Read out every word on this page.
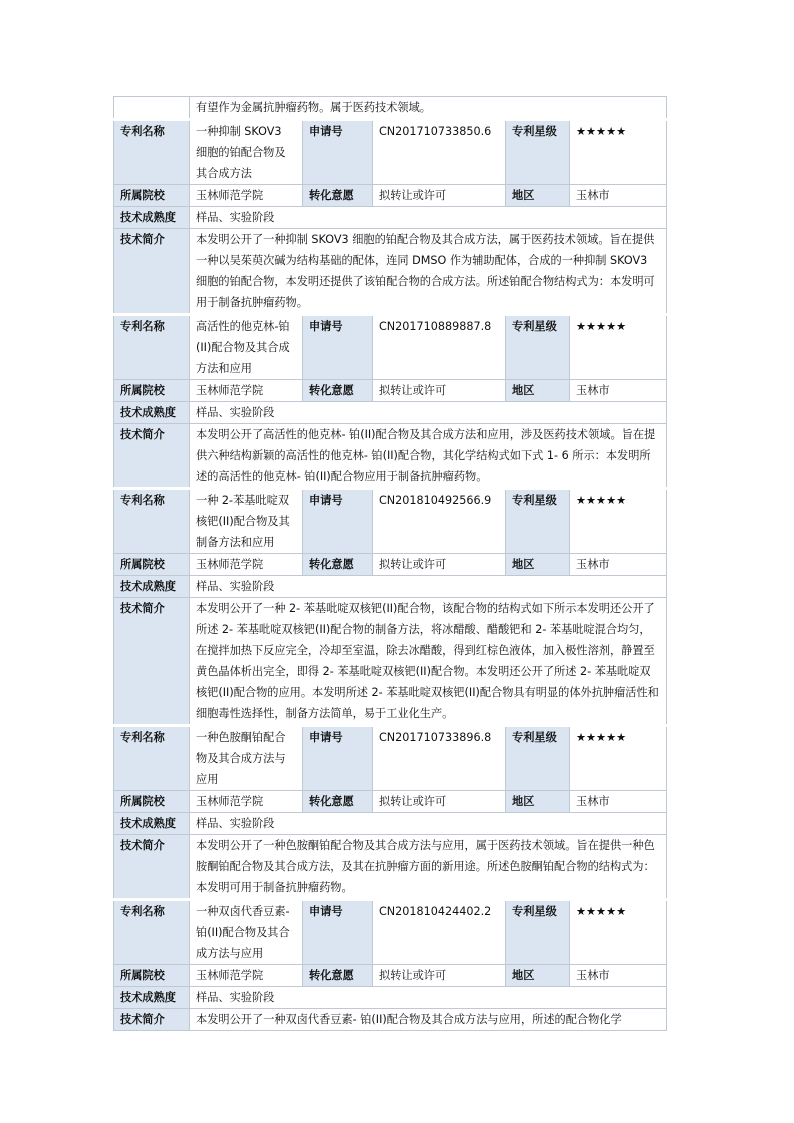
	有望作为金属抗肿瘤药物。属于医药技术领域。				
专利名称	一种抑制 SKOV3 细胞的铂配合物及其合成方法	申请号	CN201710733850.6	专利星级	★★★★★
所属院校	玉林师范学院	转化意愿	拟转让或许可	地区	玉林市
技术成熟度	样品、实验阶段				
技术简介	本发明公开了一种抑制 SKOV3 细胞的铂配合物及其合成方法，属于医药技术领域。旨在提供一种以吴茱萸次碱为结构基础的配体，连同 DMSO 作为辅助配体，合成的一种抑制 SKOV3 细胞的铂配合物，本发明还提供了该铂配合物的合成方法。所述铂配合物结构式为：本发明可用于制备抗肿瘤药物。				
专利名称	高活性的他克林-铂(II)配合物及其合成方法和应用	申请号	CN201710889887.8	专利星级	★★★★★
所属院校	玉林师范学院	转化意愿	拟转让或许可	地区	玉林市
技术成熟度	样品、实验阶段				
技术简介	本发明公开了高活性的他克林- 铂(II)配合物及其合成方法和应用，涉及医药技术领域。旨在提供六种结构新颖的高活性的他克林- 铂(II)配合物，其化学结构式如下式 1- 6 所示：本发明所述的高活性的他克林- 铂(II)配合物应用于制备抗肿瘤药物。				
专利名称	一种 2-苯基吡啶双核钯(II)配合物及其制备方法和应用	申请号	CN201810492566.9	专利星级	★★★★★
所属院校	玉林师范学院	转化意愿	拟转让或许可	地区	玉林市
技术成熟度	样品、实验阶段				
技术简介	本发明公开了一种 2- 苯基吡啶双核钯(II)配合物，该配合物的结构式如下所示本发明还公开了所述 2- 苯基吡啶双核钯(II)配合物的制备方法，将冰醋酸、醋酸钯和 2- 苯基吡啶混合均匀，在搅拌加热下反应完全，冷却至室温，除去冰醋酸，得到红棕色液体，加入极性溶剂，静置至黄色晶体析出完全，即得 2- 苯基吡啶双核钯(II)配合物。本发明还公开了所述 2- 苯基吡啶双核钯(II)配合物的应用。本发明所述 2- 苯基吡啶双核钯(II)配合物具有明显的体外抗肿瘤活性和细胞毒性选择性，制备方法简单，易于工业化生产。				
专利名称	一种色胺酮铂配合物及其合成方法与应用	申请号	CN201710733896.8	专利星级	★★★★★
所属院校	玉林师范学院	转化意愿	拟转让或许可	地区	玉林市
技术成熟度	样品、实验阶段				
技术简介	本发明公开了一种色胺酮铂配合物及其合成方法与应用，属于医药技术领域。旨在提供一种色胺酮铂配合物及其合成方法，及其在抗肿瘤方面的新用途。所述色胺酮铂配合物的结构式为：本发明可用于制备抗肿瘤药物。				
专利名称	一种双卤代香豆素-铂(II)配合物及其合成方法与应用	申请号	CN201810424402.2	专利星级	★★★★★
所属院校	玉林师范学院	转化意愿	拟转让或许可	地区	玉林市
技术成熟度	样品、实验阶段				
技术简介	本发明公开了一种双卤代香豆素- 铂(II)配合物及其合成方法与应用，所述的配合物化学				
